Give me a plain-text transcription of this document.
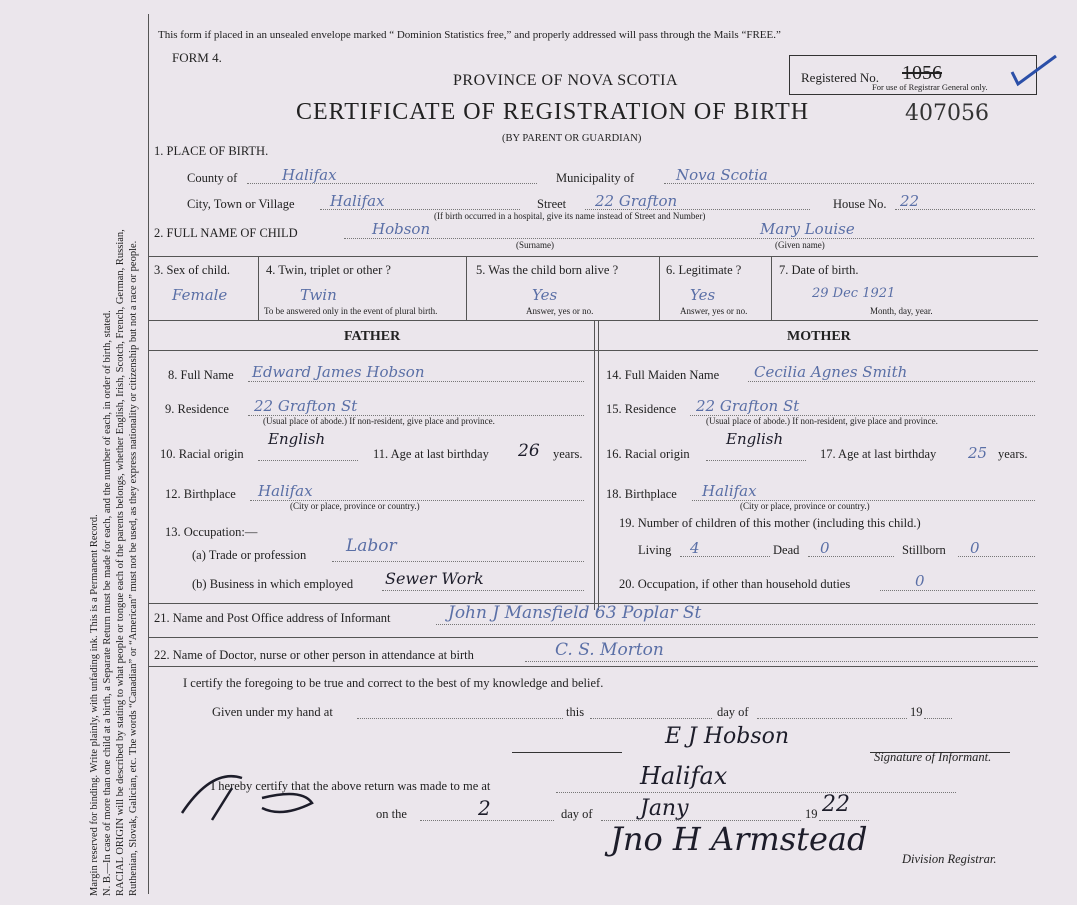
Margin reserved for binding. Write plainly, with unfading ink. This is a Permanent Record. N. B.—In case of more than one child at a birth, a Separate Return must be made for each, and the number of each, in order of birth, stated. RACIAL ORIGIN will be described by stating to what people or tongue each of the parents belongs, whether English, Irish, Scotch, French, German, Russian, Ruthenian, Slovak, Galician, etc. The words “Canadian” or “American” must not be used, as they express nationality or citizenship but not a race or people.
This form if placed in an unsealed envelope marked “ Dominion Statistics free,” and properly addressed will pass through the Mails “FREE.”
FORM 4.
PROVINCE OF NOVA SCOTIA
CERTIFICATE OF REGISTRATION OF BIRTH	407056
(BY PARENT OR GUARDIAN)
Registered No. 1056
For use of Registrar General only.
1. PLACE OF BIRTH.
County of	Halifax	Municipality of	Nova Scotia
City, Town or Village Halifax	Street 22 Grafton	House No. 22
(If birth occurred in a hospital, give its name instead of Street and Number)
2. FULL NAME OF CHILD	Hobson	Mary Louise
(Surname)	(Given name)
3. Sex of child.
Female
4. Twin, triplet or other ?
Twin
To be answered only in the event of plural birth.
5. Was the child born alive ?
Yes
Answer, yes or no.
6. Legitimate ?
Yes
Answer, yes or no.
7. Date of birth.
29 Dec 1921
Month, day, year.
FATHER	MOTHER
8. Full Name Edward James Hobson
9. Residence 22 Grafton St
(Usual place of abode.) If non-resident, give place and province.
10. Racial origin
English
11. Age at last birthday 26 years.
12. Birthplace Halifax
(City or place, province or country.)
13. Occupation:—
(a) Trade or profession Labor
(b) Business in which employed Sewer Work
14. Full Maiden Name Cecilia Agnes Smith
15. Residence 22 Grafton St
(Usual place of abode.) If non-resident, give place and province.
16. Racial origin
English
17. Age at last birthday 25 years.
18. Birthplace Halifax
(City or place, province or country.)
19. Number of children of this mother (including this child.)
Living 4	Dead 0	Stillborn 0
20. Occupation, if other than household duties	0
21. Name and Post Office address of Informant	John J Mansfield 63 Poplar St
22. Name of Doctor, nurse or other person in attendance at birth	C. S. Morton
I certify the foregoing to be true and correct to the best of my knowledge and belief.
Given under my hand at	this	day of	19
E J Hobson
Signature of Informant.
I hereby certify that the above return was made to me at	Halifax
on the	2	day of Jany	19 22
Jno H Armstead
Division Registrar.
